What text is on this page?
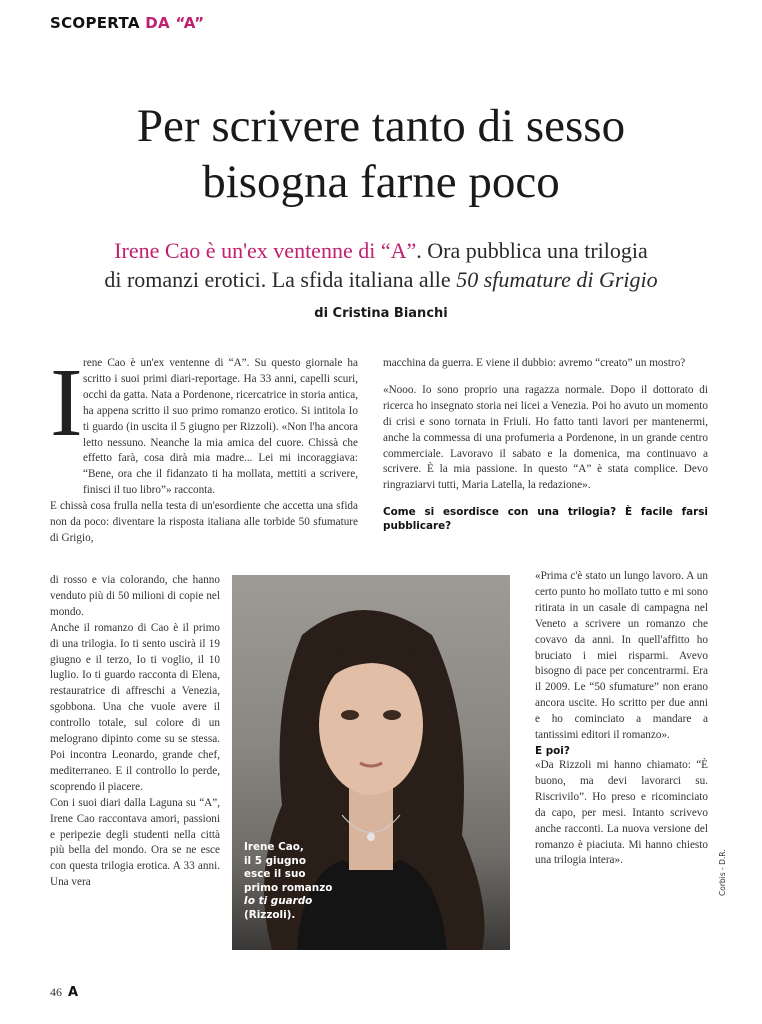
SCOPERTA DA “A”
Per scrivere tanto di sesso
bisogna farne poco
Irene Cao è un'ex ventenne di “A”. Ora pubblica una trilogia
di romanzi erotici. La sfida italiana alle 50 sfumature di Grigio
di Cristina Bianchi
I rene Cao è un'ex ventenne di “A”. Su questo giornale ha scritto i suoi primi diari-reportage. Ha 33 anni, capelli scuri, occhi da gatta. Nata a Pordenone, ricercatrice in storia antica, ha appena scritto il suo primo romanzo erotico. Si intitola Io ti guardo (in uscita il 5 giugno per Rizzoli). «Non l'ha ancora letto nessuno. Neanche la mia amica del cuore. Chissà che effetto farà, cosa dirà mia madre... Lei mi incoraggiava: “Bene, ora che il fidanzato ti ha mollata, mettiti a scrivere, finisci il tuo libro”» racconta.

E chissà cosa frulla nella testa di un'esordiente che accetta una sfida non da poco: diventare la risposta italiana alle torbide 50 sfumature di Grigio,

di rosso e via colorando, che hanno venduto più di 50 milioni di copie nel mondo.

Anche il romanzo di Cao è il primo di una trilogia. Io ti sento uscirà il 19 giugno e il terzo, Io ti voglio, il 10 luglio. Io ti guardo racconta di Elena, restauratrice di affreschi a Venezia, sgobbona. Una che vuole avere il controllo totale, sul colore di un melograno dipinto come su se stessa. Poi incontra Leonardo, grande chef, mediterraneo. E il controllo lo perde, scoprendo il piacere.

Con i suoi diari dalla Laguna su “A”, Irene Cao raccontava amori, passioni e peripezie degli studenti nella città più bella del mondo. Ora se ne esce con questa trilogia erotica. A 33 anni. Una vera

macchina da guerra. E viene il dubbio: avremo “creato” un mostro?

«Nooo. Io sono proprio una ragazza normale. Dopo il dottorato di ricerca ho insegnato storia nei licei a Venezia. Poi ho avuto un momento di crisi e sono tornata in Friuli. Ho fatto tanti lavori per mantenermi, anche la commessa di una profumeria a Pordenone, in un grande centro commerciale. Lavoravo il sabato e la domenica, ma continuavo a scrivere. È la mia passione. In questo “A” è stata complice. Devo ringraziarvi tutti, Maria Latella, la redazione».

Come si esordisce con una trilogia? È facile farsi pubblicare?

«Prima c'è stato un lungo lavoro. A un certo punto ho mollato tutto e mi sono ritirata in un casale di campagna nel Veneto a scrivere un romanzo che covavo da anni. In quell'affitto ho bruciato i miei risparmi. Avevo bisogno di pace per concentrarmi. Era il 2009. Le “50 sfumature” non erano ancora uscite. Ho scritto per due anni e ho cominciato a mandare a tantissimi editori il romanzo».

E poi?

«Da Rizzoli mi hanno chiamato: “È buono, ma devi lavorarci su. Riscrivilo”. Ho preso e ricominciato da capo, per mesi. Intanto scrivevo anche racconti. La nuova versione del romanzo è piaciuta. Mi hanno chiesto una trilogia intera».

Irene Cao,
il 5 giugno
esce il suo
primo romanzo
Io ti guardo
(Rizzoli).
Corbis - D.R.
46 A
